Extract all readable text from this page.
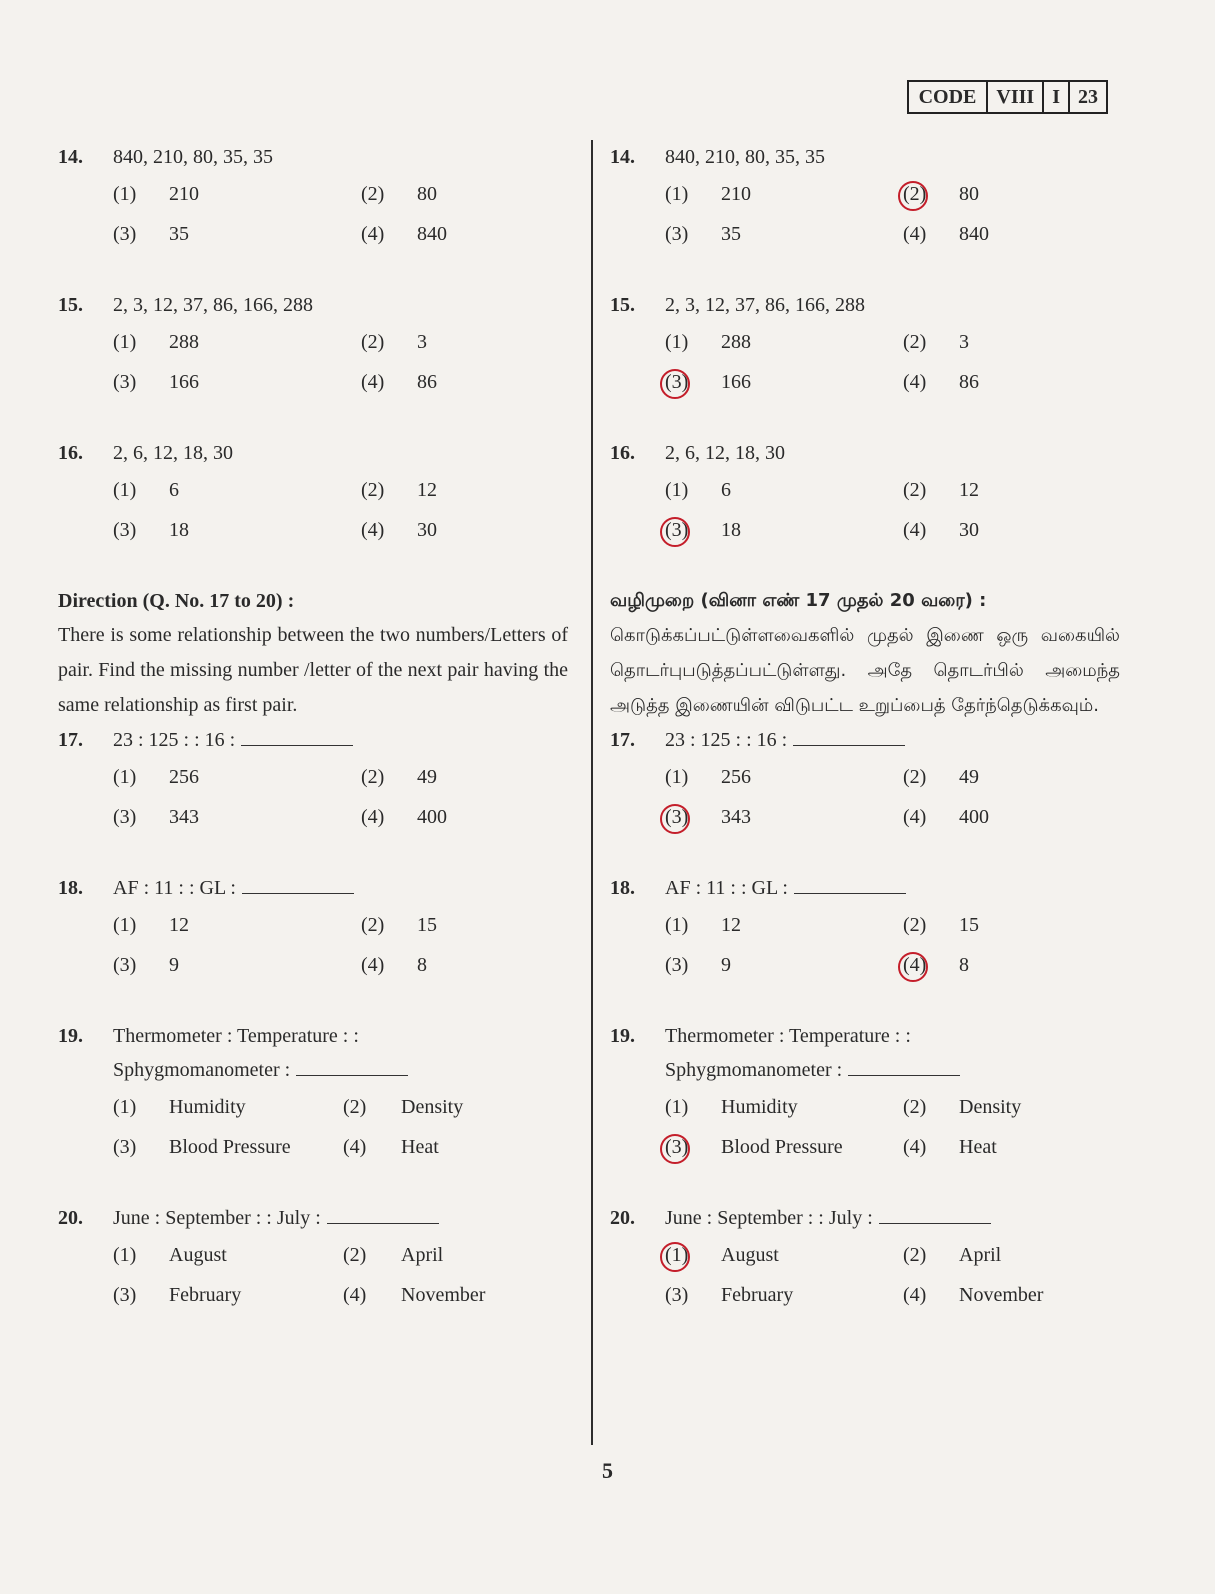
CODE	VIII I 23
14.	840, 210, 80, 35, 35
(1)	210	(2)	80
(3)	35	(4)	840
15.	2, 3, 12, 37, 86, 166, 288
(1)	288	(2)	3
(3)	166	(4)	86
16.	2, 6, 12, 18, 30
(1)	6	(2)	12
(3)	18	(4)	30
Direction (Q. No. 17 to 20) :
There is some relationship between the two numbers/Letters of pair. Find the missing number /letter of the next pair having the same relationship as first pair.
17.	23 : 125 : : 16 :
(1)	256	(2)	49
(3)	343	(4)	400
18.	AF : 11 : : GL :
(1)	12	(2)	15
(3)	9	(4)	8
19.	Thermometer : Temperature : :
Sphygmomanometer :
(1)	Humidity	(2)	Density
(3)	Blood Pressure	(4)	Heat
20.	June : September : : July :
(1)	August	(2)	April
(3)	February	(4)	November
14.	840, 210, 80, 35, 35
(1)	210	(2)	80
(3)	35	(4)	840
15.	2, 3, 12, 37, 86, 166, 288
(1)	288	(2)	3
(3)	166	(4)	86
16.	2, 6, 12, 18, 30
(1)	6	(2)	12
(3)	18	(4)	30
வழிமுறை (வினா எண் 17 முதல் 20 வரை) :
கொடுக்கப்பட்டுள்ளவைகளில் முதல் இணை ஒரு வகையில் தொடர்புபடுத்தப்பட்டுள்ளது. அதே தொடர்பில் அமைந்த அடுத்த இணையின் விடுபட்ட உறுப்பைத் தேர்ந்தெடுக்கவும்.
17.	23 : 125 : : 16 :
(1)	256	(2)	49
(3)	343	(4)	400
18.	AF : 11 : : GL :
(1)	12	(2)	15
(3)	9	(4)	8
19.	Thermometer : Temperature : :
Sphygmomanometer :
(1)	Humidity	(2)	Density
(3)	Blood Pressure	(4)	Heat
20.	June : September : : July :
(1)	August	(2)	April
(3)	February	(4)	November
5
